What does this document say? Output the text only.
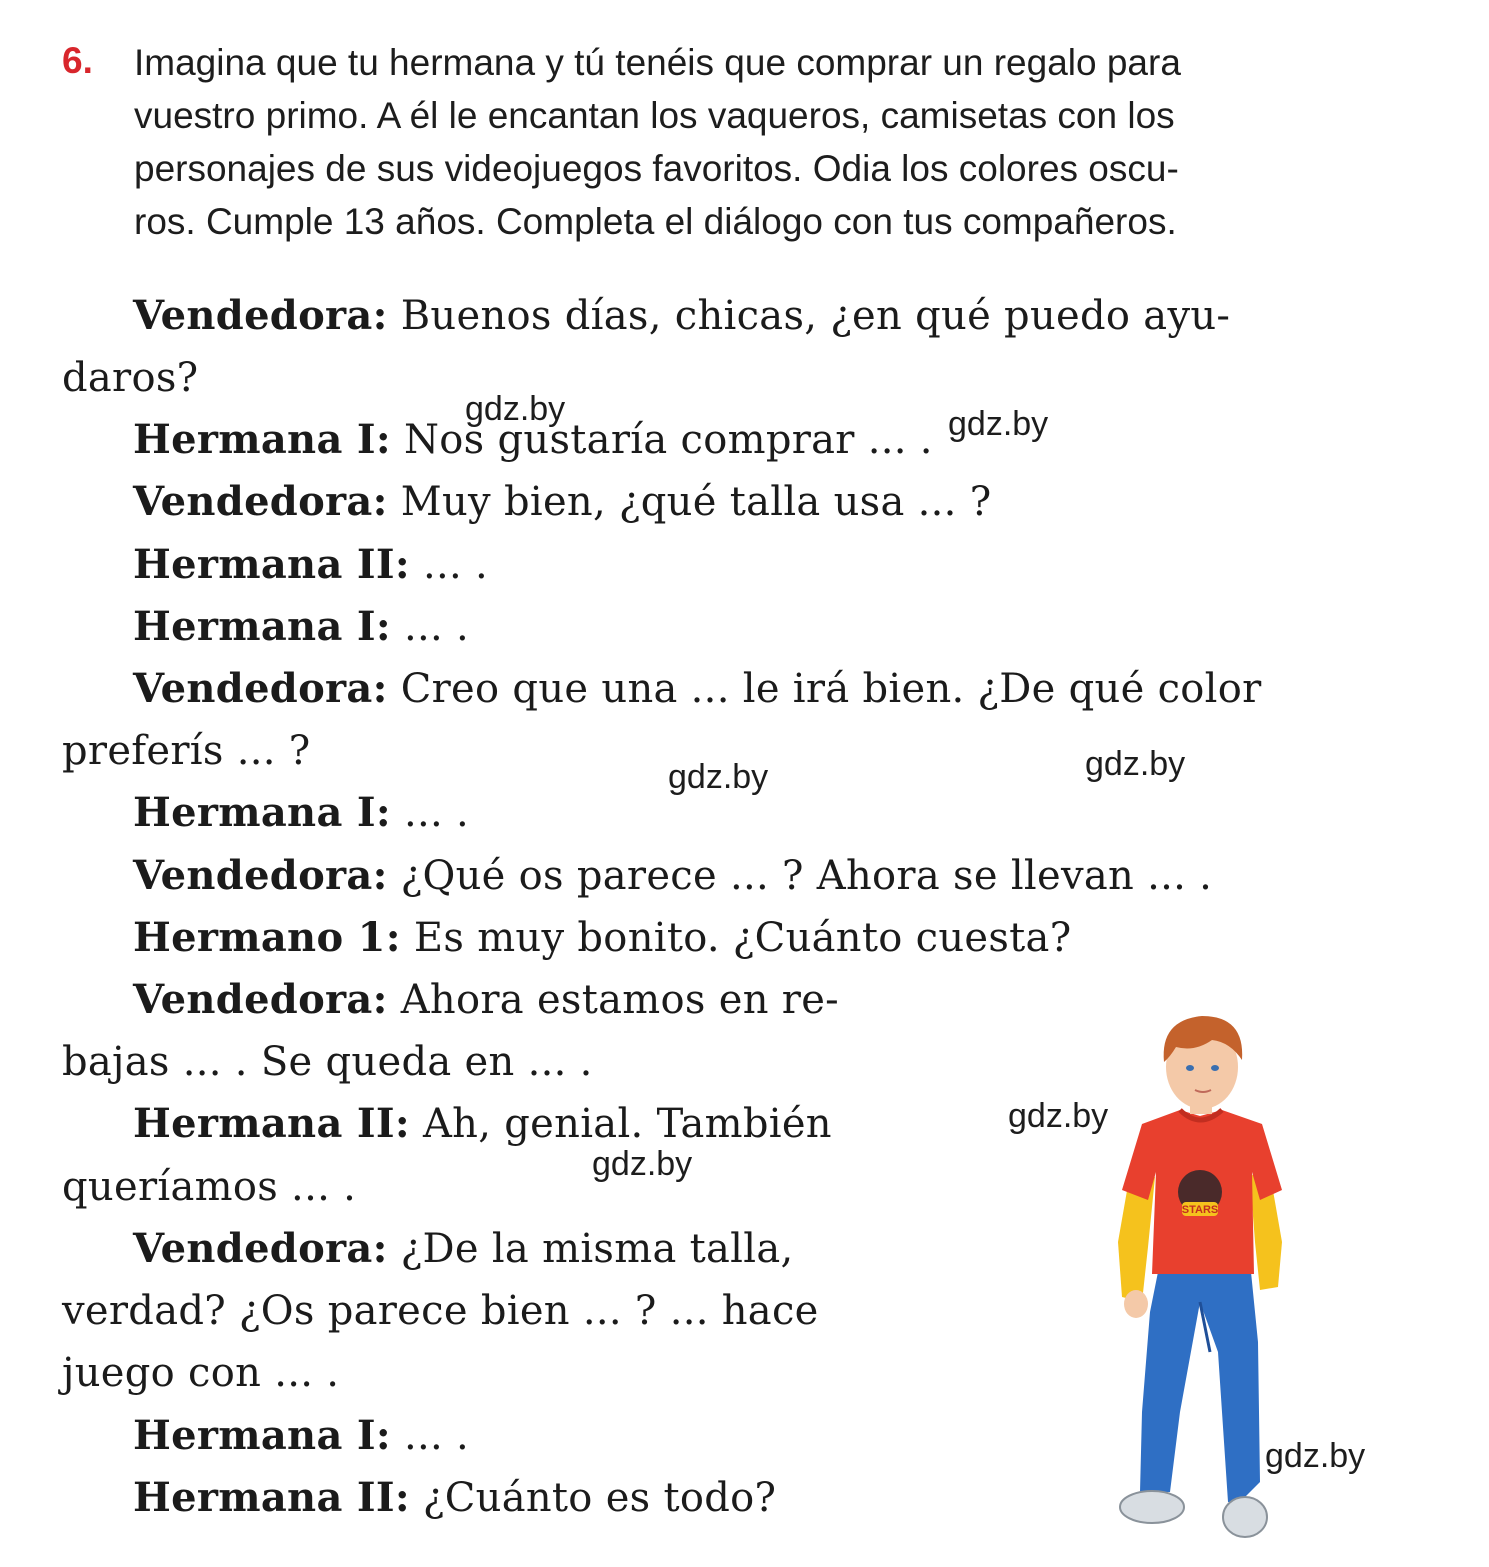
6. Imagina que tu hermana y tú tenéis que comprar un regalo para
vuestro primo. A él le encantan los vaqueros, camisetas con los
personajes de sus videojuegos favoritos. Odia los colores oscu-
ros. Cumple 13 años. Completa el diálogo con tus compañeros.
Vendedora: Buenos días, chicas, ¿en qué puedo ayu-
daros?
Hermana I: Nos gustaría comprar ... .
Vendedora: Muy bien, ¿qué talla usa ... ?
Hermana II: ... .
Hermana I: ... .
Vendedora: Creo que una ... le irá bien. ¿De qué color
preferís ... ?
Hermana I: ... .
Vendedora: ¿Qué os parece ... ? Ahora se llevan ... .
Hermano 1: Es muy bonito. ¿Cuánto cuesta?
Vendedora: Ahora estamos en re-
bajas ... . Se queda en ... .
Hermana II: Ah, genial. También
queríamos ... .
Vendedora: ¿De la misma talla,
verdad? ¿Os parece bien ... ? ... hace
juego con ... .
Hermana I: ... .
Hermana II: ¿Cuánto es todo?
gdz.by	gdz.by
gdz.by	gdz.by
gdz.by
gdz.by
gdz.by
STARS
